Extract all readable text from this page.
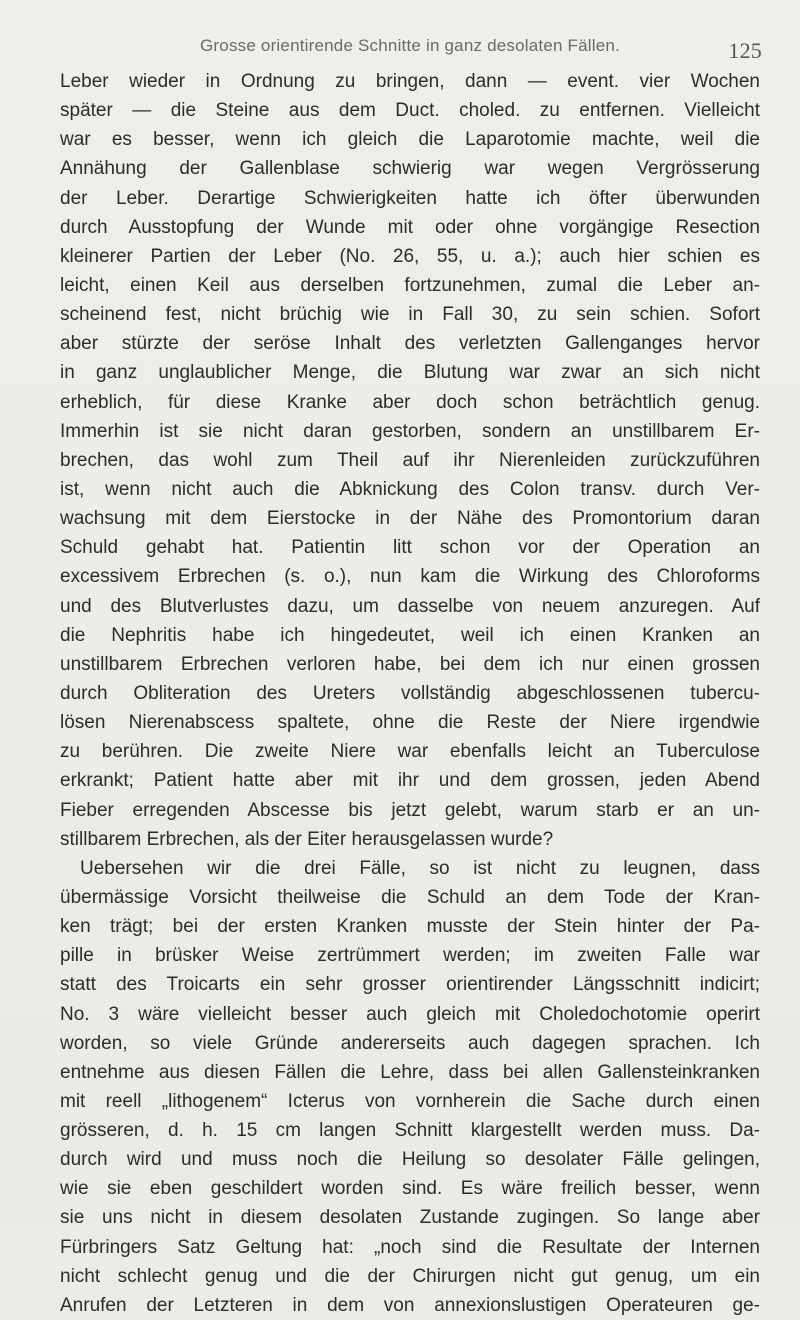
Grosse orientirende Schnitte in ganz desolaten Fällen.	125
Leber wieder in Ordnung zu bringen, dann — event. vier Wochen
später — die Steine aus dem Duct. choled. zu entfernen. Vielleicht
war es besser, wenn ich gleich die Laparotomie machte, weil die
Annähung der Gallenblase schwierig war wegen Vergrösserung
der Leber. Derartige Schwierigkeiten hatte ich öfter überwunden
durch Ausstopfung der Wunde mit oder ohne vorgängige Resection
kleinerer Partien der Leber (No. 26, 55, u. a.); auch hier schien es
leicht, einen Keil aus derselben fortzunehmen, zumal die Leber an-
scheinend fest, nicht brüchig wie in Fall 30, zu sein schien. Sofort
aber stürzte der seröse Inhalt des verletzten Gallenganges hervor
in ganz unglaublicher Menge, die Blutung war zwar an sich nicht
erheblich, für diese Kranke aber doch schon beträchtlich genug.
Immerhin ist sie nicht daran gestorben, sondern an unstillbarem Er-
brechen, das wohl zum Theil auf ihr Nierenleiden zurückzuführen
ist, wenn nicht auch die Abknickung des Colon transv. durch Ver-
wachsung mit dem Eierstocke in der Nähe des Promontorium daran
Schuld gehabt hat. Patientin litt schon vor der Operation an
excessivem Erbrechen (s. o.), nun kam die Wirkung des Chloroforms
und des Blutverlustes dazu, um dasselbe von neuem anzuregen. Auf
die Nephritis habe ich hingedeutet, weil ich einen Kranken an
unstillbarem Erbrechen verloren habe, bei dem ich nur einen grossen
durch Obliteration des Ureters vollständig abgeschlossenen tubercu-
lösen Nierenabscess spaltete, ohne die Reste der Niere irgendwie
zu berühren. Die zweite Niere war ebenfalls leicht an Tuberculose
erkrankt; Patient hatte aber mit ihr und dem grossen, jeden Abend
Fieber erregenden Abscesse bis jetzt gelebt, warum starb er an un-
stillbarem Erbrechen, als der Eiter herausgelassen wurde?
Uebersehen wir die drei Fälle, so ist nicht zu leugnen, dass
übermässige Vorsicht theilweise die Schuld an dem Tode der Kran-
ken trägt; bei der ersten Kranken musste der Stein hinter der Pa-
pille in brüsker Weise zertrümmert werden; im zweiten Falle war
statt des Troicarts ein sehr grosser orientirender Längsschnitt indicirt;
No. 3 wäre vielleicht besser auch gleich mit Choledochotomie operirt
worden, so viele Gründe andererseits auch dagegen sprachen. Ich
entnehme aus diesen Fällen die Lehre, dass bei allen Gallensteinkranken
mit reell „lithogenem“ Icterus von vornherein die Sache durch einen
grösseren, d. h. 15 cm langen Schnitt klargestellt werden muss. Da-
durch wird und muss noch die Heilung so desolater Fälle gelingen,
wie sie eben geschildert worden sind. Es wäre freilich besser, wenn
sie uns nicht in diesem desolaten Zustande zugingen. So lange aber
Fürbringers Satz Geltung hat: „noch sind die Resultate der Internen
nicht schlecht genug und die der Chirurgen nicht gut genug, um ein
Anrufen der Letzteren in dem von annexionslustigen Operateuren ge-
